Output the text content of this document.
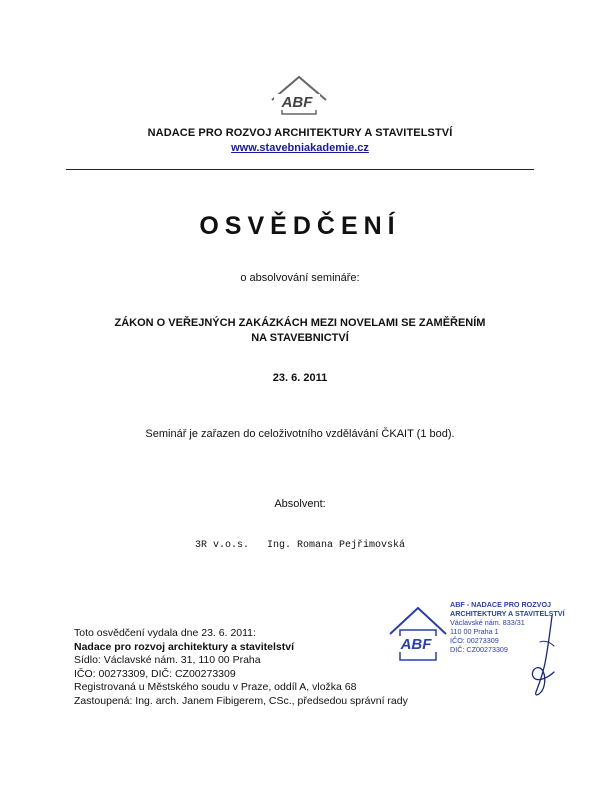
ABF
NADACE PRO ROZVOJ ARCHITEKTURY A STAVITELSTVÍ
www.stavebniakademie.cz
OSVĚDČENÍ
o absolvování semináře:
ZÁKON O VEŘEJNÝCH ZAKÁZKÁCH MEZI NOVELAMI SE ZAMĚŘENÍM
NA STAVEBNICTVÍ
23. 6. 2011
Seminář je zařazen do celoživotního vzdělávání ČKAIT (1 bod).
Absolvent:
3R v.o.s.   Ing. Romana Pejřimovská
Toto osvědčení vydala dne 23. 6. 2011:
Nadace pro rozvoj architektury a stavitelství
Sídlo: Václavské nám. 31, 110 00 Praha
IČO: 00273309, DIČ: CZ00273309
Registrovaná u Městského soudu v Praze, oddíl A, vložka 68
Zastoupená: Ing. arch. Janem Fibigerem, CSc., předsedou správní rady
ABF
ABF - NADACE PRO ROZVOJ
ARCHITEKTURY A STAVITELSTVÍ
Václavské nám. 833/31
110 00 Praha 1
IČO: 00273309
DIČ: CZ00273309
